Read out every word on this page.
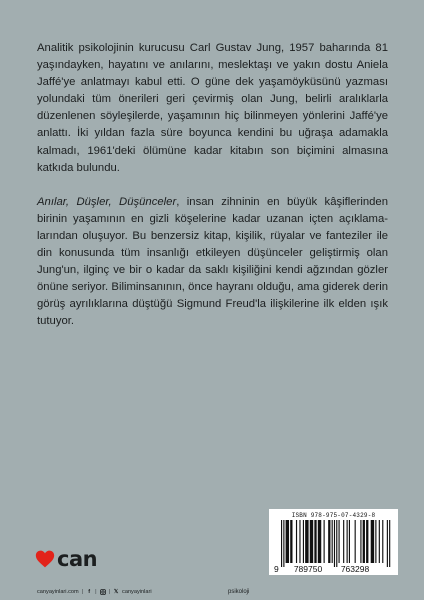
Analitik psikolojinin kurucusu Carl Gustav Jung, 1957 baharında 81 yaşındayken, hayatını ve anılarını, meslektaşı ve yakın dostu Aniela Jaffé'ye anlatmayı kabul etti. O güne dek yaşamöyküsünü yazması yolundaki tüm önerileri geri çevirmiş olan Jung, belirli aralıklarla düzenlenen söyleşilerde, yaşamının hiç bilinmeyen yönlerini Jaffé'ye anlattı. İki yıldan fazla süre boyunca kendini bu uğraşa adamakla kalmadı, 1961'deki ölümüne kadar kitabın son biçimini almasına katkıda bulundu.

Anılar, Düşler, Düşünceler, insan zihninin en büyük kâşiflerinden birinin yaşamının en gizli köşelerine kadar uzanan içten açıklamalarından oluşuyor. Bu benzersiz kitap, kişilik, rüyalar ve fanteziler ile din konusunda tüm insanlığı etkileyen düşünceler geliştirmiş olan Jung'un, ilginç ve bir o kadar da saklı kişiliğini kendi ağzından gözler önüne seriyor. Biliminsanının, önce hayranı olduğu, ama giderek derin görüş ayrılıklarına düştüğü Sigmund Freud'la ilişkilerine ilk elden ışık tutuyor.

ISBN 978-975-07-4329-8
9 789750 763298
can
canyayinlari.com | f | | 𝕏 canyayinlari	psikoloji
